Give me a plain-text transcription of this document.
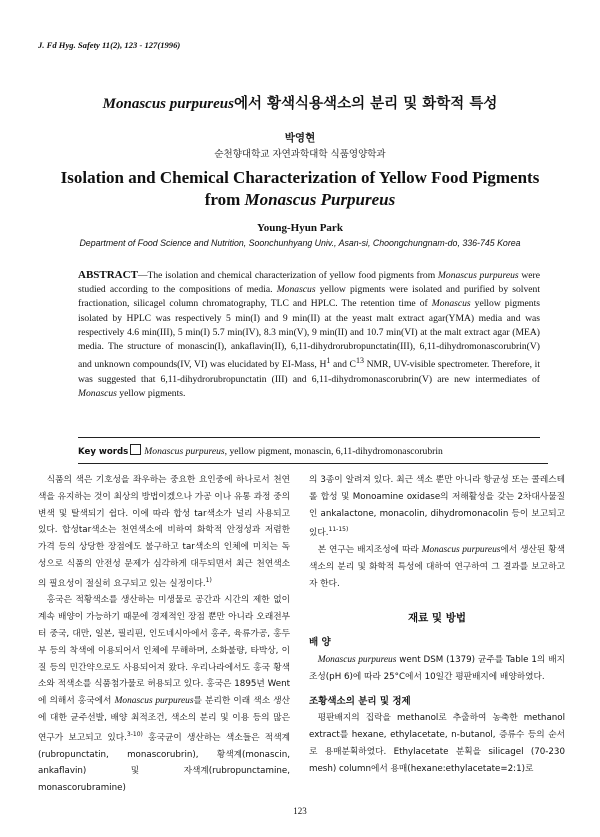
J. Fd Hyg. Safety 11(2), 123 - 127(1996)
Monascus purpureus에서 황색식용색소의 분리 및 화학적 특성
박영현
순천향대학교 자연과학대학 식품영양학과
Isolation and Chemical Characterization of Yellow Food Pigments
from Monascus Purpureus
Young-Hyun Park
Department of Food Science and Nutrition, Soonchunhyang Univ., Asan-si, Choongchungnam-do, 336-745 Korea
ABSTRACT—The isolation and chemical characterization of yellow food pigments from Monascus purpureus were studied according to the compositions of media. Monascus yellow pigments were isolated and purified by solvent fractionation, silicagel column chromatography, TLC and HPLC. The retention time of Monascus yellow pigments isolated by HPLC was respectively 5 min(I) and 9 min(II) at the yeast malt extract agar(YMA) media and was respectively 4.6 min(III), 5 min(I) 5.7 min(IV), 8.3 min(V), 9 min(II) and 10.7 min(VI) at the malt extract agar (MEA) media. The structure of monascin(I), ankaflavin(II), 6,11-dihydrorubropunctatin(III), 6,11-dihydromonascorubrin(V) and unknown compounds(IV, VI) was elucidated by EI-Mass, $H^1$ and $C^{13}$ NMR, UV-visible spectrometer. Therefore, it was suggested that 6,11-dihydrorubropunctatin (III) and 6,11-dihydromonascorubrin(V) are new intermediates of Monascus yellow pigments.
Key words Monascus purpureus, yellow pigment, monascin, 6,11-dihydromonascorubrin

식품의 색은 기호성을 좌우하는 중요한 요인중에 하나로서 천연색을 유지하는 것이 최상의 방법이겠으나 가공 이나 유통 과정 중의 변색 및 탈색되기 쉽다. 이에 따라 합성 tar색소가 널리 사용되고 있다. 합성tar색소는 천연색소에 비하여 화학적 안정성과 저렴한 가격 등의 상당한 장점에도 불구하고 tar색소의 인체에 미치는 독성으로 식품의 안전성 문제가 심각하게 대두되면서 최근 천연색소의 필요성이 절실히 요구되고 있는 실정이다.$^{1)}$

홍국은 적황색소를 생산하는 미생물로 공간과 시간의 제한 없이 계속 배양이 가능하기 때문에 경제적인 장점 뿐만 아니라 오래전부터 중국, 대만, 일본, 필리핀, 인도네시아에서 홍주, 육류가공, 홍두부 등의 착색에 이용되어서 인체에 무해하며, 소화불량, 타박상, 이질 등의 민간약으로도 사용되어져 왔다. 우리나라에서도 홍국 황색소와 적색소를 식품첨가물로 허용되고 있다. 홍국은 1895년 Went에 의해서 홍국에서 Monascus purpureus를 분리한 이래 색소 생산에 대한 균주선발, 배양 최적조건, 색소의 분리 및 이용 등의 많은 연구가 보고되고 있다.$^{3-10)}$ 홍국균이 생산하는 색소들은 적색계(rubropunctatin, monascorubrin), 황색계(monascin, ankaflavin) 및 자색계(rubropunctamine, monascorubramine)

의 3종이 알려져 있다. 최근 색소 뿐만 아니라 항균성 또는 콜레스테롤 합성 및 Monoamine oxidase의 저해활성을 갖는 2차대사물질인 ankalactone, monacolin, dihydromonacolin 등이 보고되고 있다.$^{11-15)}$

본 연구는 배지조성에 따라 Monascus purpureus에서 생산된 황색색소의 분리 및 화학적 특성에 대하여 연구하여 그 결과를 보고하고자 한다.

재료 및 방법
배 양

Monascus purpureus went DSM (1379) 균주를 Table 1의 배지조성(pH 6)에 따라 25°C에서 10일간 평판배지에 배양하였다.

조황색소의 분리 및 정제

평판배지의 집락을 methanol로 추출하여 농축한 methanol extract를 hexane, ethylacetate, n-butanol, 증류수 등의 순서로 용매분획하였다. Ethylacetate 분획을 silicagel (70-230 mesh) column에서 용매(hexane:ethylacetate=2:1)로

123
